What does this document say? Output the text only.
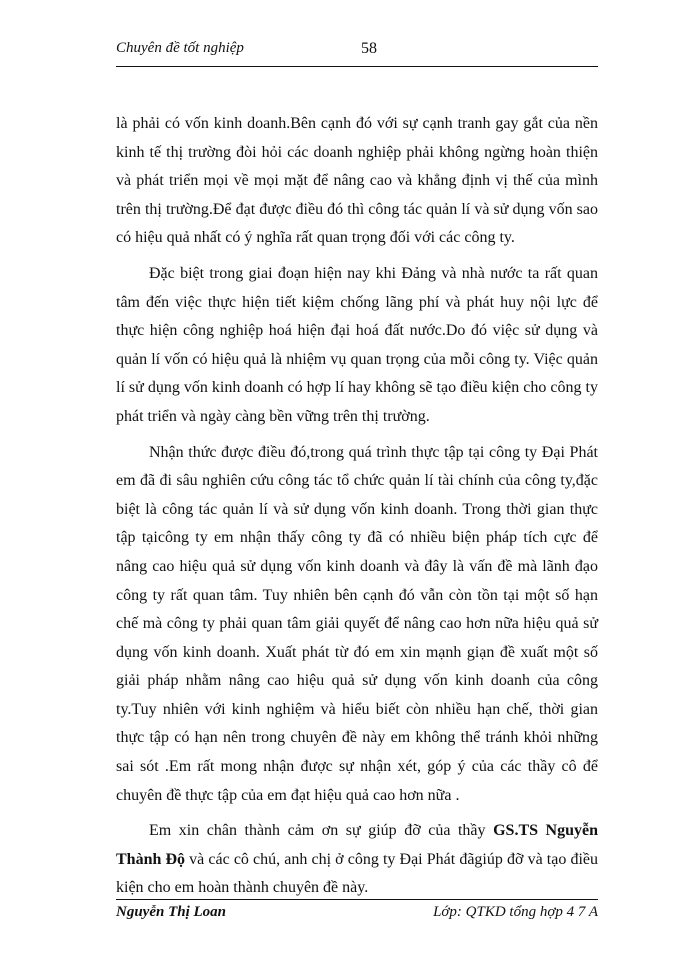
Chuyên đề tốt nghiệp	58

là phải có vốn kinh doanh.Bên cạnh đó với sự cạnh tranh gay gắt của nền kinh tế thị trường đòi hỏi các doanh nghiệp phải không ngừng hoàn thiện và phát triển mọi về mọi mặt để nâng cao và khẳng định vị thế của mình trên thị trường.Để đạt được điều đó thì công tác quản lí và sử dụng vốn sao có hiệu quả nhất có ý nghĩa rất quan trọng đối với các công ty.

Đặc biệt trong giai đoạn hiện nay khi Đảng và nhà nước ta rất quan tâm đến việc thực hiện tiết kiệm chống lãng phí và phát huy nội lực để thực hiện công nghiệp hoá hiện đại hoá đất nước.Do đó việc sử dụng và quản lí vốn có hiệu quả là nhiệm vụ quan trọng của mỗi công ty. Việc quản lí sử dụng vốn kinh doanh có hợp lí hay không sẽ tạo điều kiện cho công ty phát triển và ngày càng bền vững trên thị trường.

Nhận thức được điều đó,trong quá trình thực tập tại công ty Đại Phát em đã đi sâu nghiên cứu công tác tổ chức quản lí tài chính của công ty,đặc biệt là công tác quản lí và sử dụng vốn kinh doanh. Trong thời gian thực tập tạicông ty em nhận thấy công ty đã có nhiều biện pháp tích cực để nâng cao hiệu quả sử dụng vốn kinh doanh và đây là vấn đề mà lãnh đạo công ty rất quan tâm. Tuy nhiên bên cạnh đó vẫn còn tồn tại một số hạn chế mà công ty phải quan tâm giải quyết để nâng cao hơn nữa hiệu quả sử dụng vốn kinh doanh. Xuất phát từ đó em xin mạnh giạn đề xuất một số giải pháp nhằm nâng cao hiệu quả sử dụng vốn kinh doanh của công ty.Tuy nhiên với kinh nghiệm và hiểu biết còn nhiều hạn chế, thời gian thực tập có hạn nên trong chuyên đề này em không thể tránh khỏi những sai sót .Em rất mong nhận được sự nhận xét, góp ý của các thầy cô để chuyên đề thực tập của em đạt hiệu quả cao hơn nữa .

Em xin chân thành cảm ơn sự giúp đỡ của thầy GS.TS Nguyễn Thành Độ và các cô chú, anh chị ở công ty Đại Phát đãgiúp đỡ và tạo điều kiện cho em hoàn thành chuyên đề này.

Nguyễn Thị Loan	Lớp: QTKD tổng hợp 4 7 A
